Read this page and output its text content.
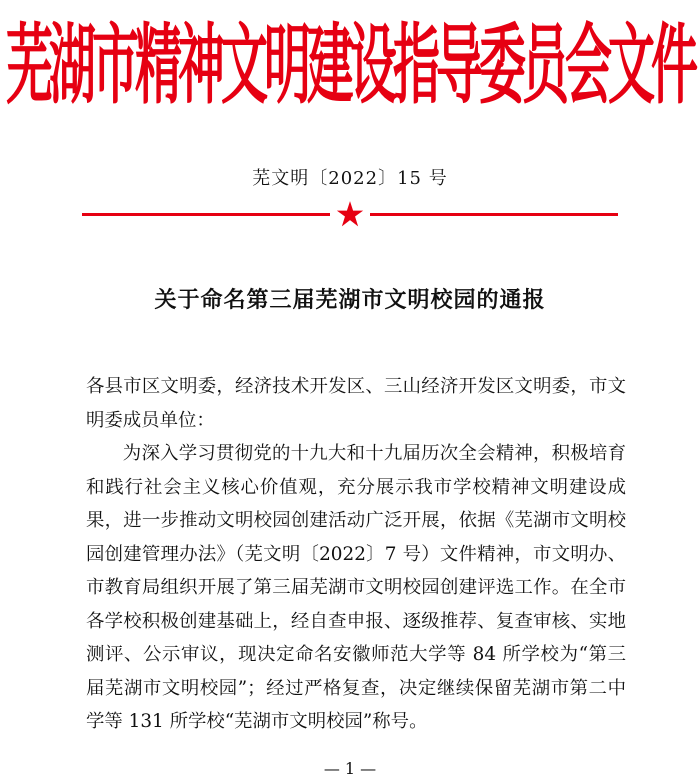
芜湖市精神文明建设指导委员会文件
芜文明〔2022〕15 号
关于命名第三届芜湖市文明校园的通报
各县市区文明委，经济技术开发区、三山经济开发区文明委，市文明委成员单位：
为深入学习贯彻党的十九大和十九届历次全会精神，积极培育和践行社会主义核心价值观，充分展示我市学校精神文明建设成果，进一步推动文明校园创建活动广泛开展，依据《芜湖市文明校园创建管理办法》（芜文明〔2022〕7 号）文件精神，市文明办、市教育局组织开展了第三届芜湖市文明校园创建评选工作。在全市各学校积极创建基础上，经自查申报、逐级推荐、复查审核、实地测评、公示审议，现决定命名安徽师范大学等 84 所学校为“第三届芜湖市文明校园”；经过严格复查，决定继续保留芜湖市第二中学等 131 所学校“芜湖市文明校园”称号。
— 1 —
